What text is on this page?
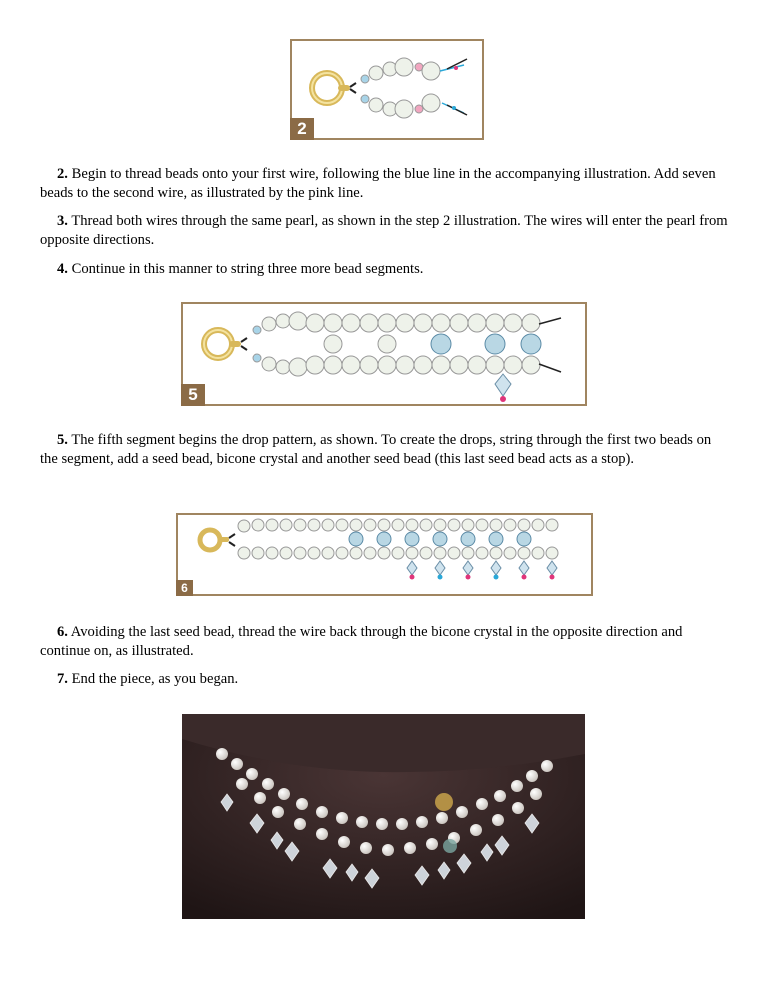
2

2. Begin to thread beads onto your first wire, following the blue line in the accompanying illustration. Add seven beads to the second wire, as illustrated by the pink line.

3. Thread both wires through the same pearl, as shown in the step 2 illustration. The wires will enter the pearl from opposite directions.

4. Continue in this manner to string three more bead segments.

5

5. The fifth segment begins the drop pattern, as shown. To create the drops, string through the first two beads on the segment, add a seed bead, bicone crystal and another seed bead (this last seed bead acts as a stop).

6

6. Avoiding the last seed bead, thread the wire back through the bicone crystal in the opposite direction and continue on, as illustrated.

7. End the piece, as you began.
